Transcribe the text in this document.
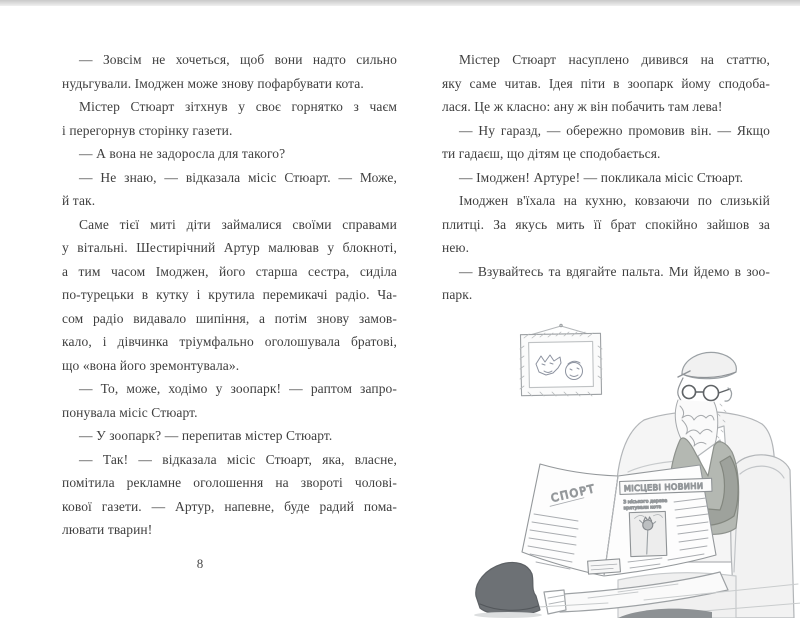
— Зовсім не хочеться, щоб вони надто сильно
нудьгували. Імоджен може знову пофарбувати кота.
Містер Стюарт зітхнув у своє горнятко з чаєм
і перегорнув сторінку газети.
— А вона не задоросла для такого?
— Не знаю, — відказала місіс Стюарт. — Може,
й так.
Саме тієї миті діти займалися своїми справами
у вітальні. Шестирічний Артур малював у блокноті,
а тим часом Імоджен, його старша сестра, сиділа
по-турецьки в кутку і крутила перемикачі радіо. Ча-
сом радіо видавало шипіння, а потім знову замов-
кало, і дівчинка тріумфально оголошувала братові,
що «вона його зремонтувала».
— То, може, ходімо у зоопарк! — раптом запро-
понувала місіс Стюарт.
— У зоопарк? — перепитав містер Стюарт.
— Так! — відказала місіс Стюарт, яка, власне,
помітила рекламне оголошення на звороті чолові-
кової газети. — Артур, напевне, буде радий пома-
лювати тварин!
8
Містер Стюарт насуплено дивився на статтю,
яку саме читав. Ідея піти в зоопарк йому сподоба-
лася. Це ж класно: ану ж він побачить там лева!
— Ну гаразд, — обережно промовив він. — Якщо
ти гадаєш, що дітям це сподобається.
— Імоджен! Артуре! — покликала місіс Стюарт.
Імоджен в'їхала на кухню, ковзаючи по слизькій
плитці. За якусь мить її брат спокійно зайшов за
нею.
— Взувайтесь та вдягайте пальта. Ми йдемо в зоо-
парк.
СПОРТ	МІСЦЕВІ НОВИНИ
З міського дерева
врятували кота
